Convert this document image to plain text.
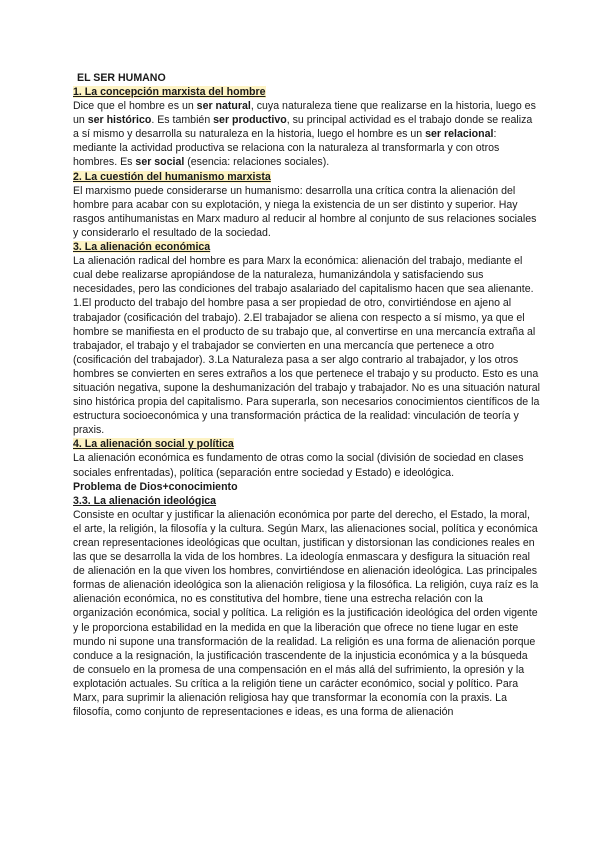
EL SER HUMANO
1. La concepción marxista del hombre

Dice que el hombre es un ser natural, cuya naturaleza tiene que realizarse en la historia, luego es un ser histórico. Es también ser productivo, su principal actividad es el trabajo donde se realiza a sí mismo y desarrolla su naturaleza en la historia, luego el hombre es un ser relacional: mediante la actividad productiva se relaciona con la naturaleza al transformarla y con otros hombres. Es ser social (esencia: relaciones sociales).

2. La cuestión del humanismo marxista

El marxismo puede considerarse un humanismo: desarrolla una crítica contra la alienación del hombre para acabar con su explotación, y niega la existencia de un ser distinto y superior. Hay rasgos antihumanistas en Marx maduro al reducir al hombre al conjunto de sus relaciones sociales y considerarlo el resultado de la sociedad.

3. La alienación económica

La alienación radical del hombre es para Marx la económica: alienación del trabajo, mediante el cual debe realizarse apropiándose de la naturaleza, humanizándola y satisfaciendo sus necesidades, pero las condiciones del trabajo asalariado del capitalismo hacen que sea alienante. 1.El producto del trabajo del hombre pasa a ser propiedad de otro, convirtiéndose en ajeno al trabajador (cosificación del trabajo). 2.El trabajador se aliena con respecto a sí mismo, ya que el hombre se manifiesta en el producto de su trabajo que, al convertirse en una mercancía extraña al trabajador, el trabajo y el trabajador se convierten en una mercancía que pertenece a otro (cosificación del trabajador). 3.La Naturaleza pasa a ser algo contrario al trabajador, y los otros hombres se convierten en seres extraños a los que pertenece el trabajo y su producto. Esto es una situación negativa, supone la deshumanización del trabajo y trabajador. No es una situación natural sino histórica propia del capitalismo. Para superarla, son necesarios conocimientos científicos de la estructura socioeconómica y una transformación práctica de la realidad: vinculación de teoría y praxis.

4. La alienación social y política

La alienación económica es fundamento de otras como la social (división de sociedad en clases sociales enfrentadas), política (separación entre sociedad y Estado) e ideológica.

Problema de Dios+conocimiento
3.3. La alienación ideológica

Consiste en ocultar y justificar la alienación económica por parte del derecho, el Estado, la moral, el arte, la religión, la filosofía y la cultura. Según Marx, las alienaciones social, política y económica crean representaciones ideológicas que ocultan, justifican y distorsionan las condiciones reales en las que se desarrolla la vida de los hombres. La ideología enmascara y desfigura la situación real de alienación en la que viven los hombres, convirtiéndose en alienación ideológica. Las principales formas de alienación ideológica son la alienación religiosa y la filosófica. La religión, cuya raíz es la alienación económica, no es constitutiva del hombre, tiene una estrecha relación con la organización económica, social y política. La religión es la justificación ideológica del orden vigente y le proporciona estabilidad en la medida en que la liberación que ofrece no tiene lugar en este mundo ni supone una transformación de la realidad. La religión es una forma de alienación porque conduce a la resignación, la justificación trascendente de la injusticia económica y a la búsqueda de consuelo en la promesa de una compensación en el más allá del sufrimiento, la opresión y la explotación actuales. Su crítica a la religión tiene un carácter económico, social y político. Para Marx, para suprimir la alienación religiosa hay que transformar la economía con la praxis. La filosofía, como conjunto de representaciones e ideas, es una forma de alienación
